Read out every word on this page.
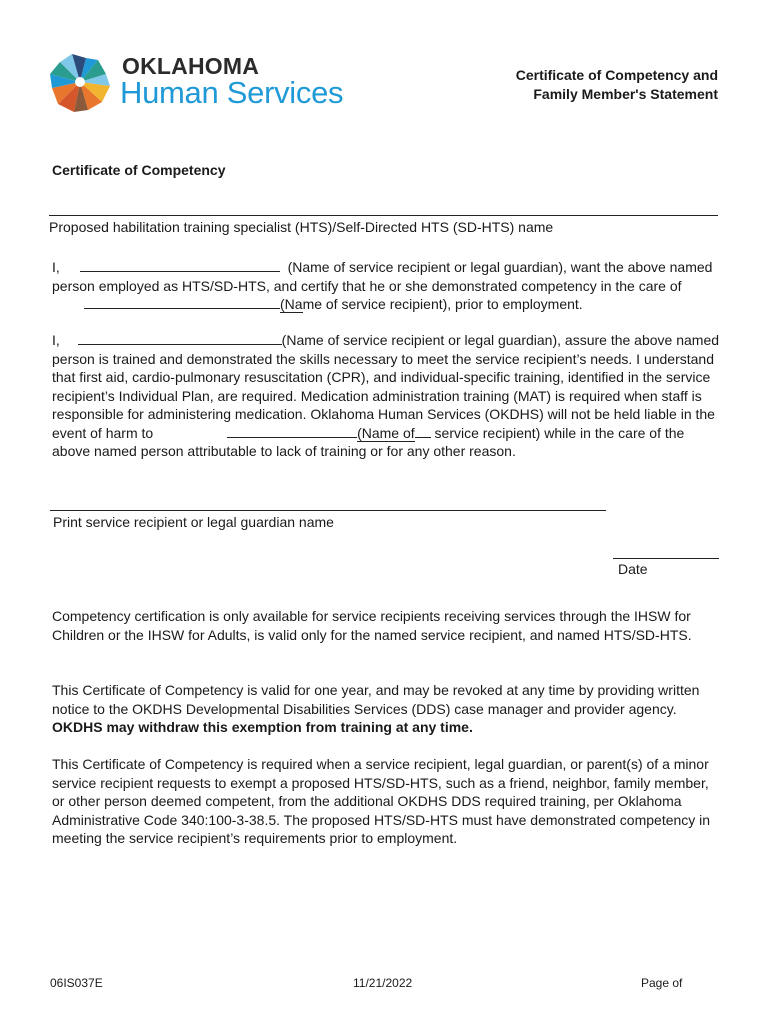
OKLAHOMA
Human Services	Certificate of Competency and
Family Member's Statement
Certificate of Competency
Proposed habilitation training specialist (HTS)/Self-Directed HTS (SD-HTS) name
I,	(Name of service recipient or legal guardian), want the above named person employed as HTS/SD-HTS, and certify that he or she demonstrated competency in the care of (Name of service recipient), prior to employment.
I,	(Name of service recipient or legal guardian), assure the above named person is trained and demonstrated the skills necessary to meet the service recipient’s needs. I understand that first aid, cardio-pulmonary resuscitation (CPR), and individual-specific training, identified in the service recipient’s Individual Plan, are required. Medication administration training (MAT) is required when staff is responsible for administering medication. Oklahoma Human Services (OKDHS) will not be held liable in the event of harm to	(Name of service recipient) while in the care of the above named person attributable to lack of training or for any other reason.
Print service recipient or legal guardian name
Date
Competency certification is only available for service recipients receiving services through the IHSW for Children or the IHSW for Adults, is valid only for the named service recipient, and named HTS/SD-HTS.
This Certificate of Competency is valid for one year, and may be revoked at any time by providing written notice to the OKDHS Developmental Disabilities Services (DDS) case manager and provider agency. OKDHS may withdraw this exemption from training at any time.
This Certificate of Competency is required when a service recipient, legal guardian, or parent(s) of a minor service recipient requests to exempt a proposed HTS/SD-HTS, such as a friend, neighbor, family member, or other person deemed competent, from the additional OKDHS DDS required training, per Oklahoma Administrative Code 340:100-3-38.5. The proposed HTS/SD-HTS must have demonstrated competency in meeting the service recipient’s requirements prior to employment.
06IS037E	11/21/2022	Page of
